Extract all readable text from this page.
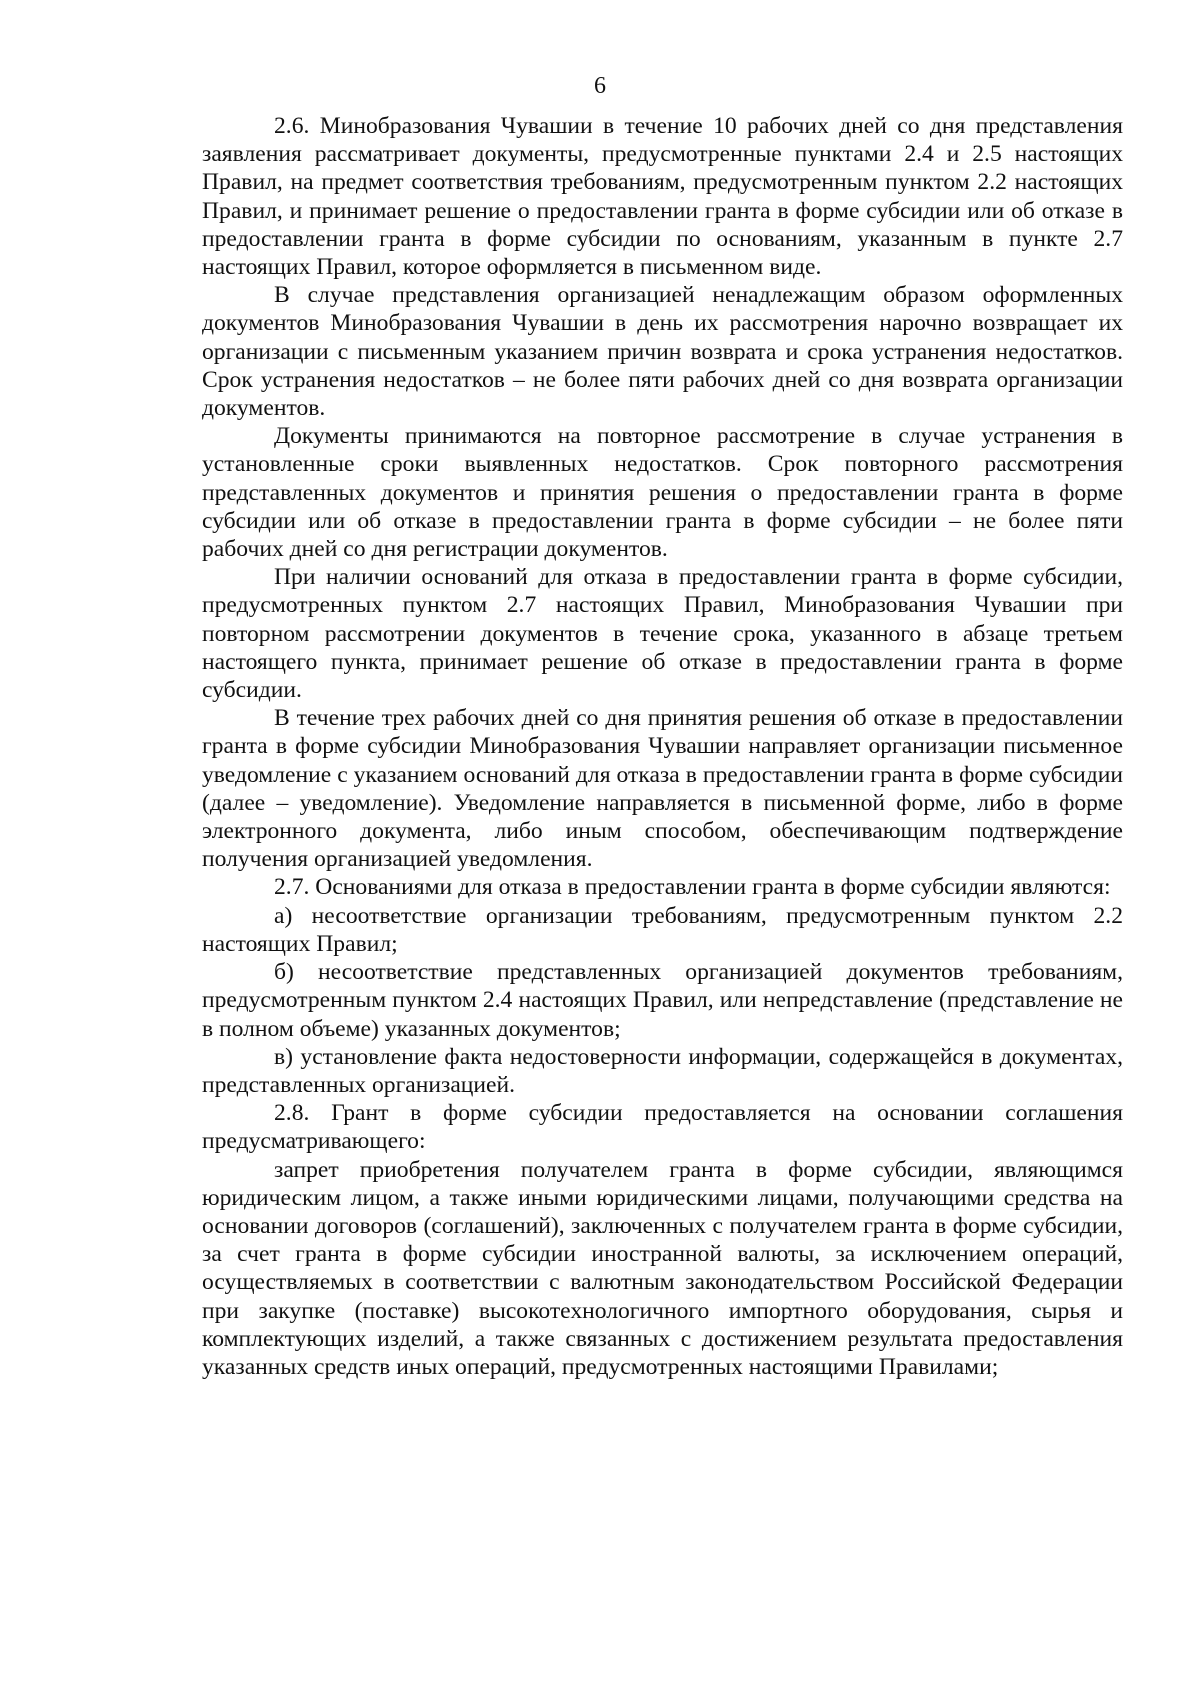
6

2.6. Минобразования Чувашии в течение 10 рабочих дней со дня представления заявления рассматривает документы, предусмотренные пунктами 2.4 и 2.5 настоящих Правил, на предмет соответствия требованиям, предусмотренным пунктом 2.2 настоящих Правил, и принимает решение о предоставлении гранта в форме субсидии или об отказе в предоставлении гранта в форме субсидии по основаниям, указанным в пункте 2.7 настоящих Правил, которое оформляется в письменном виде.

В случае представления организацией ненадлежащим образом оформленных документов Минобразования Чувашии в день их рассмотрения нарочно возвращает их организации с письменным указанием причин возврата и срока устранения недостатков. Срок устранения недостатков – не более пяти рабочих дней со дня возврата организации документов.

Документы принимаются на повторное рассмотрение в случае устранения в установленные сроки выявленных недостатков. Срок повторного рассмотрения представленных документов и принятия решения о предоставлении гранта в форме субсидии или об отказе в предоставлении гранта в форме субсидии – не более пяти рабочих дней со дня регистрации документов.

При наличии оснований для отказа в предоставлении гранта в форме субсидии, предусмотренных пунктом 2.7 настоящих Правил, Минобразования Чувашии при повторном рассмотрении документов в течение срока, указанного в абзаце третьем настоящего пункта, принимает решение об отказе в предоставлении гранта в форме субсидии.

В течение трех рабочих дней со дня принятия решения об отказе в предоставлении гранта в форме субсидии Минобразования Чувашии направляет организации письменное уведомление с указанием оснований для отказа в предоставлении гранта в форме субсидии (далее – уведомление). Уведомление направляется в письменной форме, либо в форме электронного документа, либо иным способом, обеспечивающим подтверждение получения организацией уведомления.

2.7. Основаниями для отказа в предоставлении гранта в форме субсидии являются:

а) несоответствие организации требованиям, предусмотренным пунктом 2.2 настоящих Правил;

б) несоответствие представленных организацией документов требованиям, предусмотренным пунктом 2.4 настоящих Правил, или непредставление (представление не в полном объеме) указанных документов;

в) установление факта недостоверности информации, содержащейся в документах, представленных организацией.

2.8. Грант в форме субсидии предоставляется на основании соглашения предусматривающего:

запрет приобретения получателем гранта в форме субсидии, являющимся юридическим лицом, а также иными юридическими лицами, получающими средства на основании договоров (соглашений), заключенных с получателем гранта в форме субсидии, за счет гранта в форме субсидии иностранной валюты, за исключением операций, осуществляемых в соответствии с валютным законодательством Российской Федерации при закупке (поставке) высокотехнологичного импортного оборудования, сырья и комплектующих изделий, а также связанных с достижением результата предоставления указанных средств иных операций, предусмотренных настоящими Правилами;
